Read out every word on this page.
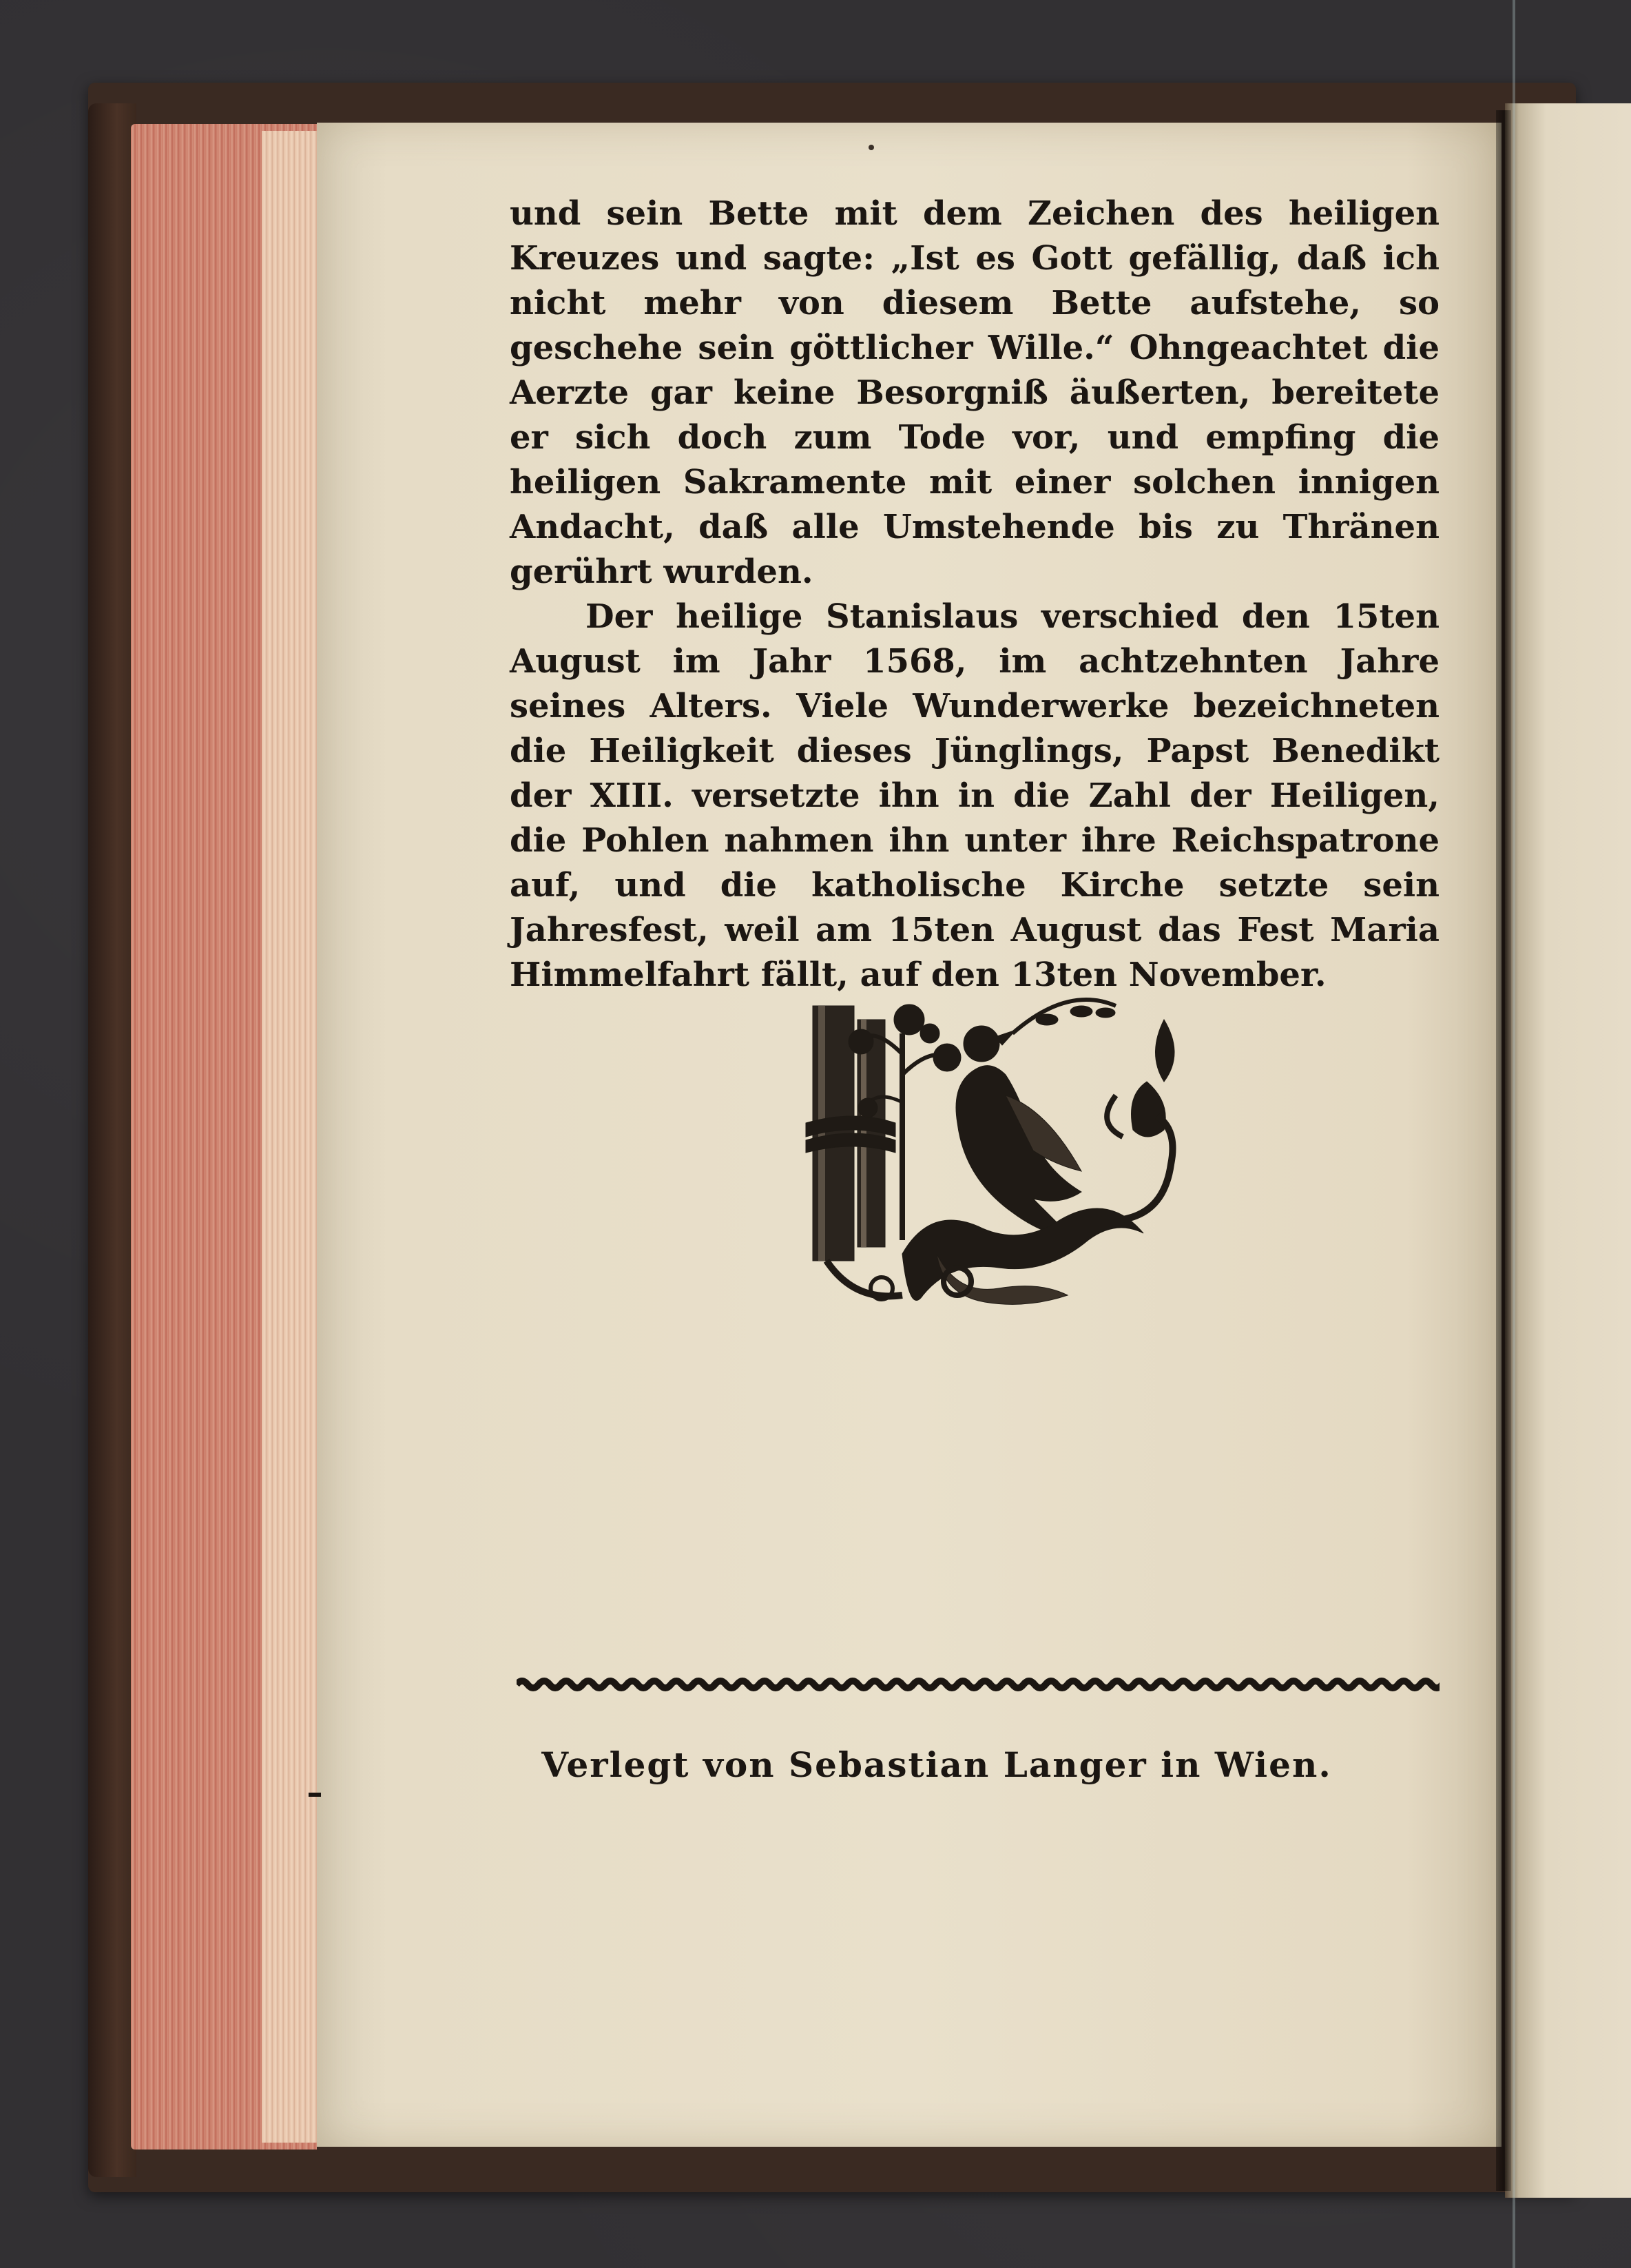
und sein Bette mit dem Zeichen des heiligen Kreuzes und sagte: „Ist es Gott gefällig, daß ich nicht mehr von diesem Bette aufstehe, so geschehe sein göttlicher Wille.“ Ohngeachtet die Aerzte gar keine Besorgniß äußerten, bereitete er sich doch zum Tode vor, und empfing die heiligen Sakramente mit einer solchen innigen Andacht, daß alle Umstehende bis zu Thränen gerührt wurden.

Der heilige Stanislaus verschied den 15ten August im Jahr 1568, im achtzehnten Jahre seines Alters. Viele Wunderwerke bezeichneten die Heiligkeit dieses Jünglings, Papst Benedikt der XIII. versetzte ihn in die Zahl der Heiligen, die Pohlen nahmen ihn unter ihre Reichspatrone auf, und die katholische Kirche setzte sein Jahresfest, weil am 15ten August das Fest Maria Himmelfahrt fällt, auf den 13ten November.

Verlegt von Sebastian Langer in Wien.
